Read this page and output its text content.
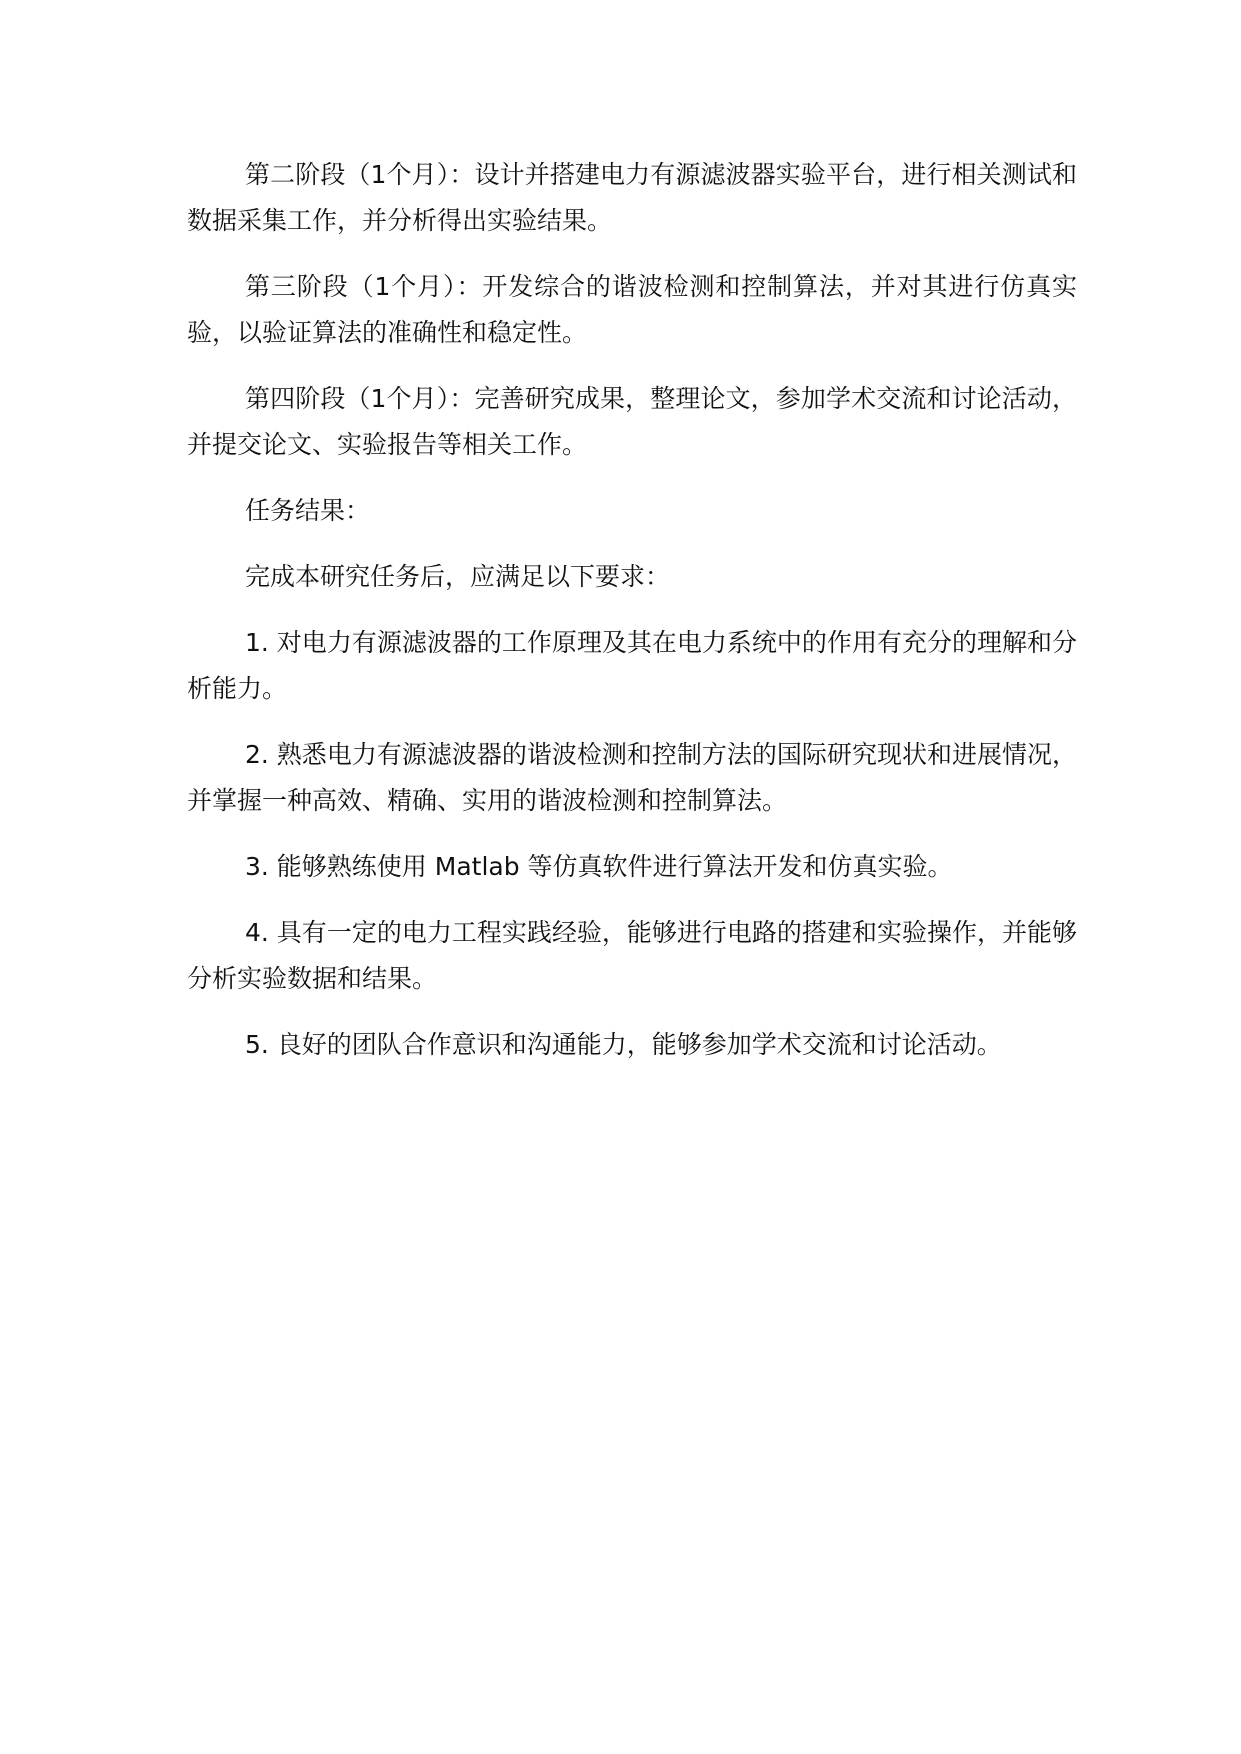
第二阶段（1个月）：设计并搭建电力有源滤波器实验平台，进行相关测试和数据采集工作，并分析得出实验结果。

第三阶段（1个月）：开发综合的谐波检测和控制算法，并对其进行仿真实验，以验证算法的准确性和稳定性。

第四阶段（1个月）：完善研究成果，整理论文，参加学术交流和讨论活动，并提交论文、实验报告等相关工作。

任务结果：

完成本研究任务后，应满足以下要求：

1. 对电力有源滤波器的工作原理及其在电力系统中的作用有充分的理解和分析能力。

2. 熟悉电力有源滤波器的谐波检测和控制方法的国际研究现状和进展情况，并掌握一种高效、精确、实用的谐波检测和控制算法。

3. 能够熟练使用 Matlab 等仿真软件进行算法开发和仿真实验。

4. 具有一定的电力工程实践经验，能够进行电路的搭建和实验操作，并能够分析实验数据和结果。

5. 良好的团队合作意识和沟通能力，能够参加学术交流和讨论活动。
